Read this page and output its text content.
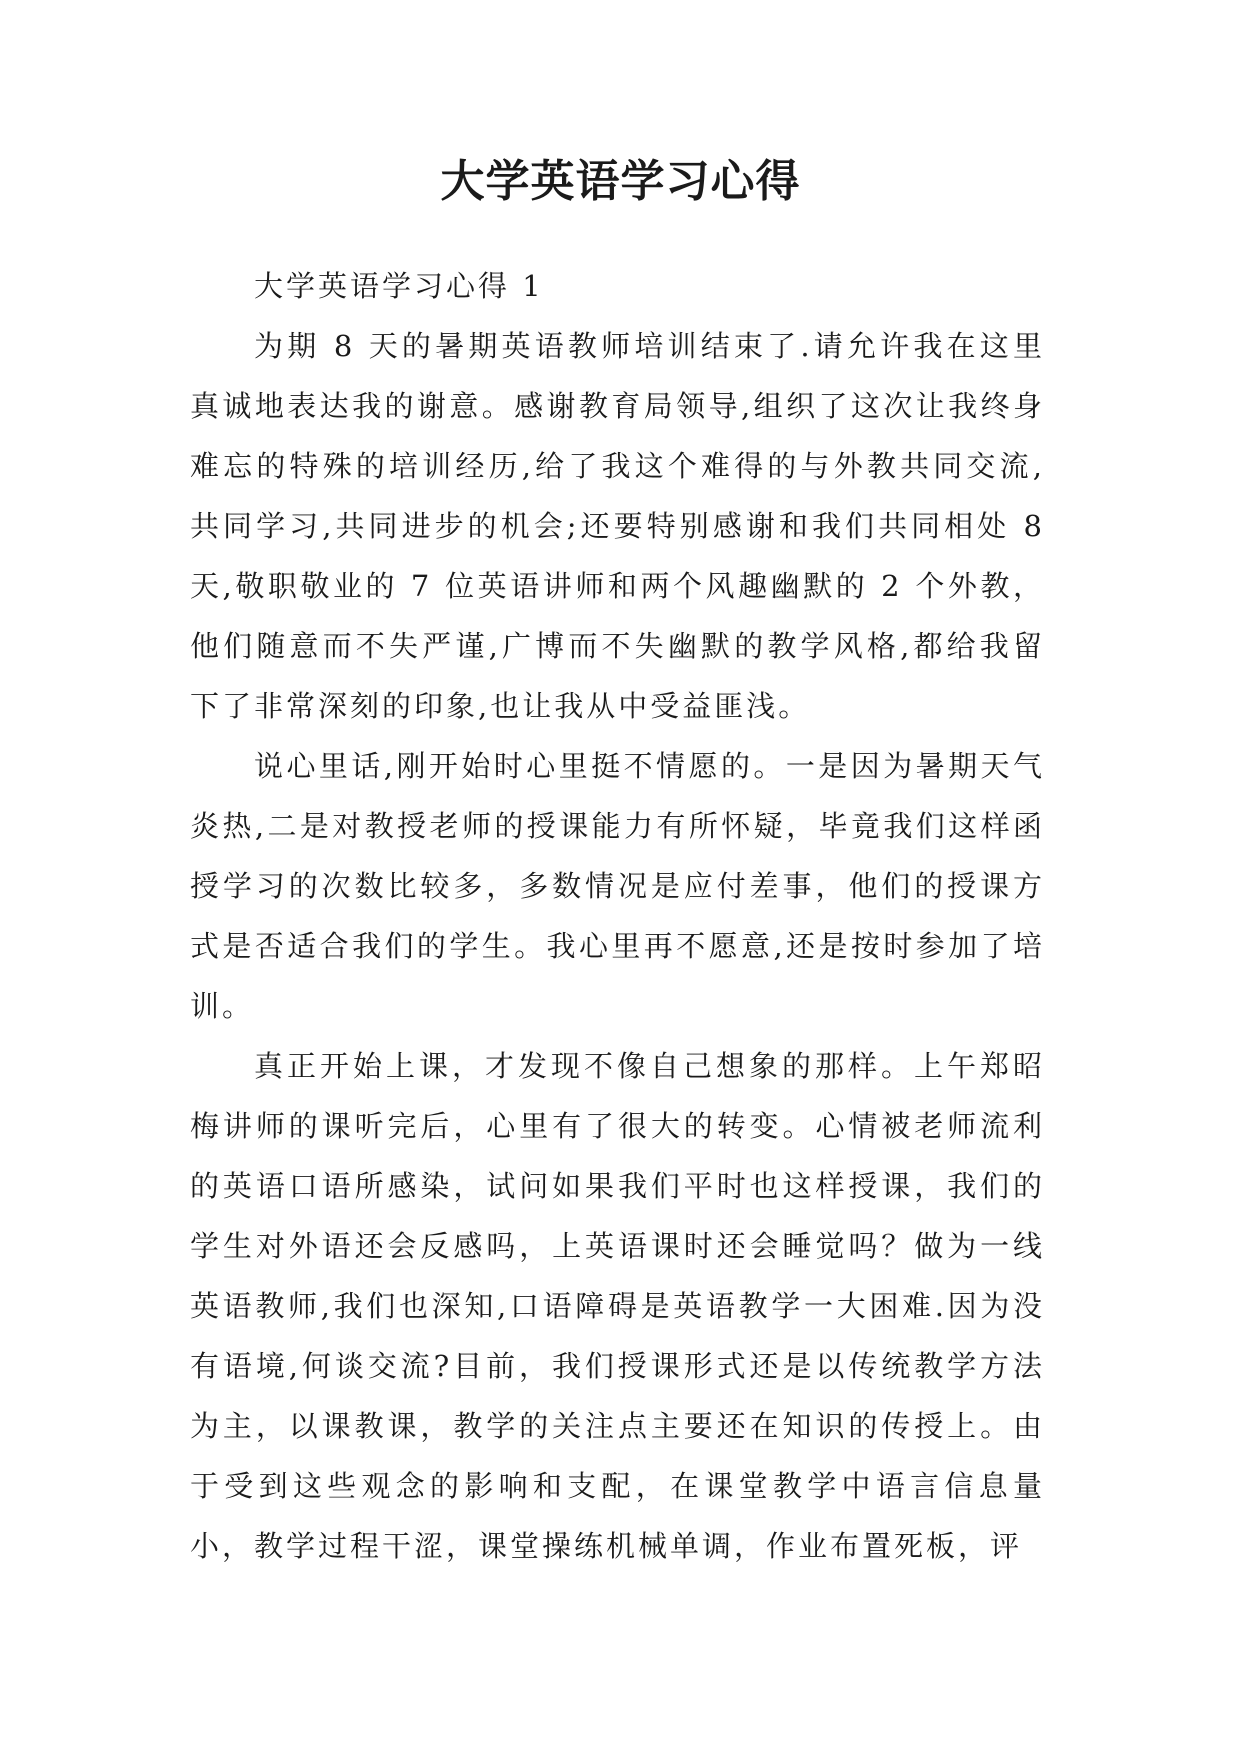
大学英语学习心得

大学英语学习心得 1

为期 8 天的暑期英语教师培训结束了.请允许我在这里真诚地表达我的谢意。感谢教育局领导,组织了这次让我终身难忘的特殊的培训经历,给了我这个难得的与外教共同交流,共同学习,共同进步的机会;还要特别感谢和我们共同相处 8 天,敬职敬业的 7 位英语讲师和两个风趣幽默的 2 个外教，他们随意而不失严谨,广博而不失幽默的教学风格,都给我留下了非常深刻的印象,也让我从中受益匪浅。

说心里话,刚开始时心里挺不情愿的。一是因为暑期天气炎热,二是对教授老师的授课能力有所怀疑，毕竟我们这样函授学习的次数比较多，多数情况是应付差事，他们的授课方式是否适合我们的学生。我心里再不愿意,还是按时参加了培训。

真正开始上课，才发现不像自己想象的那样。上午郑昭梅讲师的课听完后，心里有了很大的转变。心情被老师流利的英语口语所感染，试问如果我们平时也这样授课，我们的学生对外语还会反感吗，上英语课时还会睡觉吗？做为一线英语教师,我们也深知,口语障碍是英语教学一大困难.因为没有语境,何谈交流?目前，我们授课形式还是以传统教学方法为主，以课教课，教学的关注点主要还在知识的传授上。由于受到这些观念的影响和支配，在课堂教学中语言信息量小，教学过程干涩，课堂操练机械单调，作业布置死板，评
